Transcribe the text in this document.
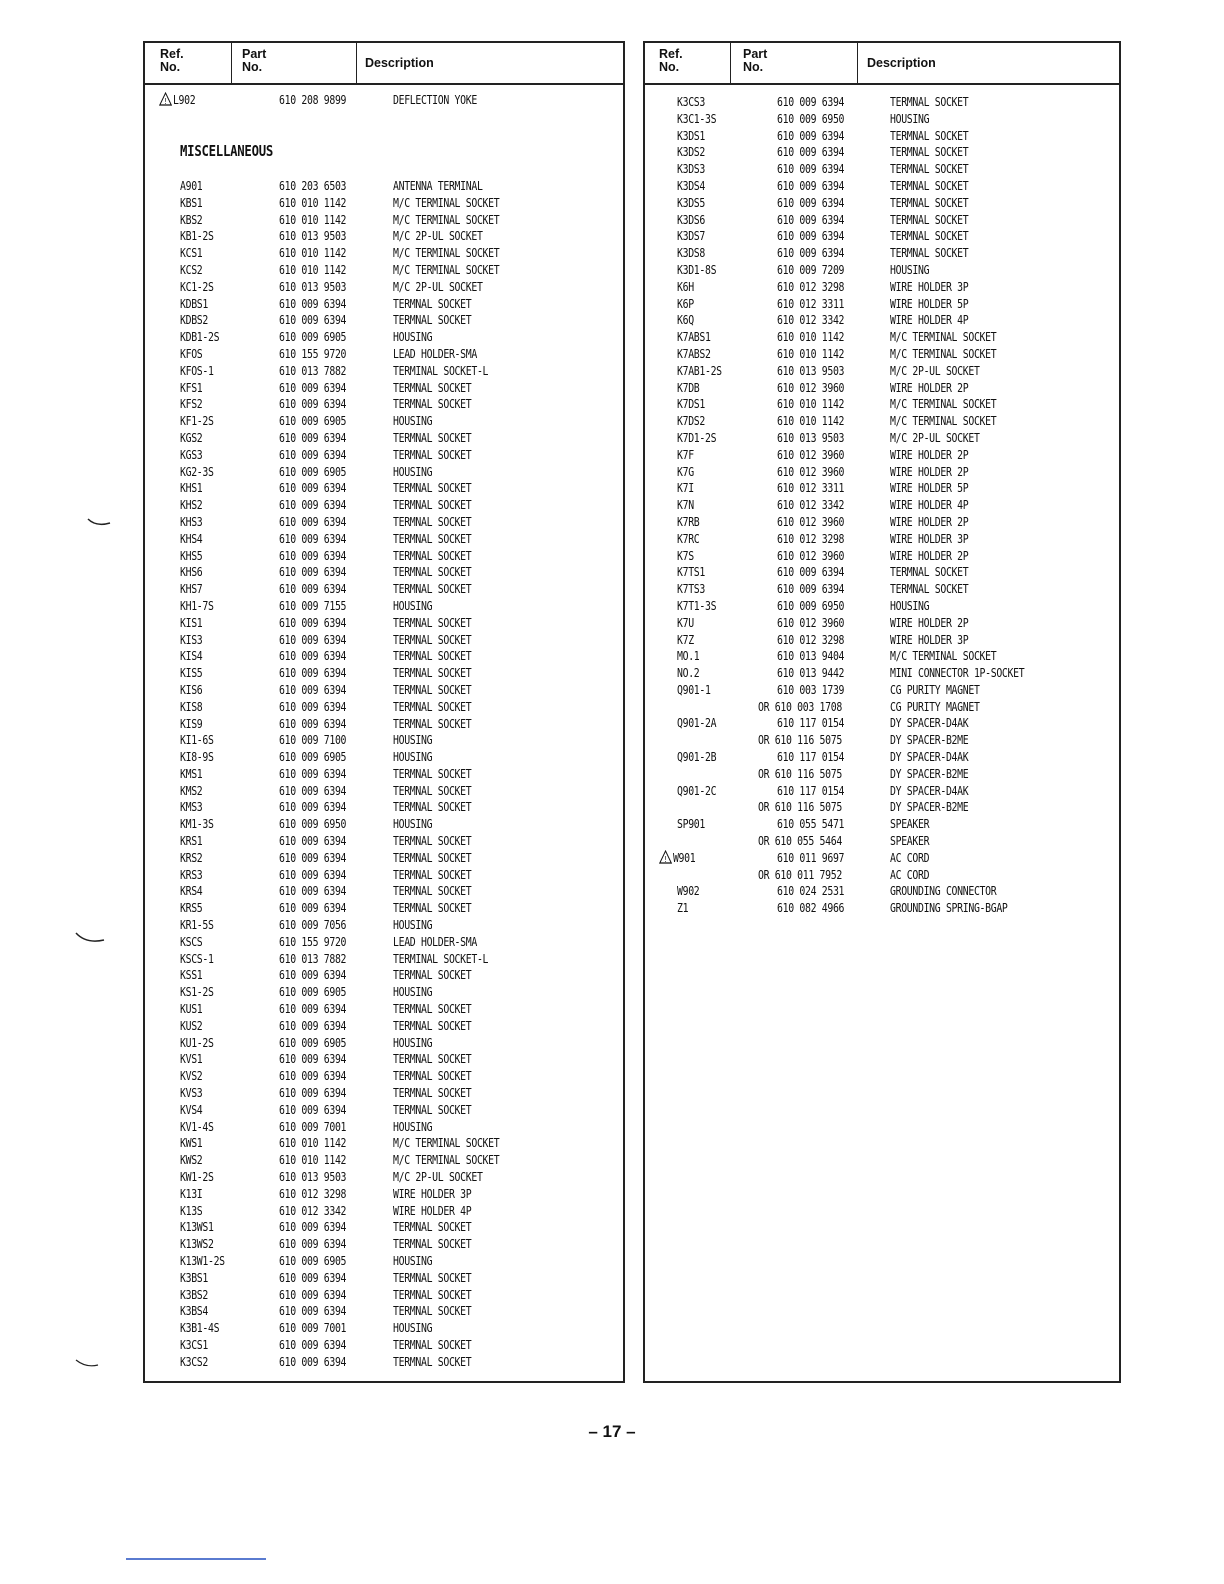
Ref.
No.
Part
No.	Description
! L902	610 208 9899	DEFLECTION YOKE
MISCELLANEOUS
A901	610 203 6503	ANTENNA TERMINAL
KBS1	610 010 1142	M/C TERMINAL SOCKET
KBS2	610 010 1142	M/C TERMINAL SOCKET
KB1-2S	610 013 9503	M/C 2P-UL SOCKET
KCS1	610 010 1142	M/C TERMINAL SOCKET
KCS2	610 010 1142	M/C TERMINAL SOCKET
KC1-2S	610 013 9503	M/C 2P-UL SOCKET
KDBS1	610 009 6394	TERMNAL SOCKET
KDBS2	610 009 6394	TERMNAL SOCKET
KDB1-2S	610 009 6905	HOUSING
KFOS	610 155 9720	LEAD HOLDER-SMA
KFOS-1	610 013 7882	TERMINAL SOCKET-L
KFS1	610 009 6394	TERMNAL SOCKET
KFS2	610 009 6394	TERMNAL SOCKET
KF1-2S	610 009 6905	HOUSING
KGS2	610 009 6394	TERMNAL SOCKET
KGS3	610 009 6394	TERMNAL SOCKET
KG2-3S	610 009 6905	HOUSING
KHS1	610 009 6394	TERMNAL SOCKET
KHS2	610 009 6394	TERMNAL SOCKET
KHS3	610 009 6394	TERMNAL SOCKET
KHS4	610 009 6394	TERMNAL SOCKET
KHS5	610 009 6394	TERMNAL SOCKET
KHS6	610 009 6394	TERMNAL SOCKET
KHS7	610 009 6394	TERMNAL SOCKET
KH1-7S	610 009 7155	HOUSING
KIS1	610 009 6394	TERMNAL SOCKET
KIS3	610 009 6394	TERMNAL SOCKET
KIS4	610 009 6394	TERMNAL SOCKET
KIS5	610 009 6394	TERMNAL SOCKET
KIS6	610 009 6394	TERMNAL SOCKET
KIS8	610 009 6394	TERMNAL SOCKET
KIS9	610 009 6394	TERMNAL SOCKET
KI1-6S	610 009 7100	HOUSING
KI8-9S	610 009 6905	HOUSING
KMS1	610 009 6394	TERMNAL SOCKET
KMS2	610 009 6394	TERMNAL SOCKET
KMS3	610 009 6394	TERMNAL SOCKET
KM1-3S	610 009 6950	HOUSING
KRS1	610 009 6394	TERMNAL SOCKET
KRS2	610 009 6394	TERMNAL SOCKET
KRS3	610 009 6394	TERMNAL SOCKET
KRS4	610 009 6394	TERMNAL SOCKET
KRS5	610 009 6394	TERMNAL SOCKET
KR1-5S	610 009 7056	HOUSING
KSCS	610 155 9720	LEAD HOLDER-SMA
KSCS-1	610 013 7882	TERMINAL SOCKET-L
KSS1	610 009 6394	TERMNAL SOCKET
KS1-2S	610 009 6905	HOUSING
KUS1	610 009 6394	TERMNAL SOCKET
KUS2	610 009 6394	TERMNAL SOCKET
KU1-2S	610 009 6905	HOUSING
KVS1	610 009 6394	TERMNAL SOCKET
KVS2	610 009 6394	TERMNAL SOCKET
KVS3	610 009 6394	TERMNAL SOCKET
KVS4	610 009 6394	TERMNAL SOCKET
KV1-4S	610 009 7001	HOUSING
KWS1	610 010 1142	M/C TERMINAL SOCKET
KWS2	610 010 1142	M/C TERMINAL SOCKET
KW1-2S	610 013 9503	M/C 2P-UL SOCKET
K13I	610 012 3298	WIRE HOLDER 3P
K13S	610 012 3342	WIRE HOLDER 4P
K13WS1	610 009 6394	TERMNAL SOCKET
K13WS2	610 009 6394	TERMNAL SOCKET
K13W1-2S	610 009 6905	HOUSING
K3BS1	610 009 6394	TERMNAL SOCKET
K3BS2	610 009 6394	TERMNAL SOCKET
K3BS4	610 009 6394	TERMNAL SOCKET
K3B1-4S	610 009 7001	HOUSING
K3CS1	610 009 6394	TERMNAL SOCKET
K3CS2	610 009 6394	TERMNAL SOCKET
Ref.
No.
Part
No.	Description
K3CS3	610 009 6394	TERMNAL SOCKET
K3C1-3S	610 009 6950	HOUSING
K3DS1	610 009 6394	TERMNAL SOCKET
K3DS2	610 009 6394	TERMNAL SOCKET
K3DS3	610 009 6394	TERMNAL SOCKET
K3DS4	610 009 6394	TERMNAL SOCKET
K3DS5	610 009 6394	TERMNAL SOCKET
K3DS6	610 009 6394	TERMNAL SOCKET
K3DS7	610 009 6394	TERMNAL SOCKET
K3DS8	610 009 6394	TERMNAL SOCKET
K3D1-8S	610 009 7209	HOUSING
K6H	610 012 3298	WIRE HOLDER 3P
K6P	610 012 3311	WIRE HOLDER 5P
K6Q	610 012 3342	WIRE HOLDER 4P
K7ABS1	610 010 1142	M/C TERMINAL SOCKET
K7ABS2	610 010 1142	M/C TERMINAL SOCKET
K7AB1-2S	610 013 9503	M/C 2P-UL SOCKET
K7DB	610 012 3960	WIRE HOLDER 2P
K7DS1	610 010 1142	M/C TERMINAL SOCKET
K7DS2	610 010 1142	M/C TERMINAL SOCKET
K7D1-2S	610 013 9503	M/C 2P-UL SOCKET
K7F	610 012 3960	WIRE HOLDER 2P
K7G	610 012 3960	WIRE HOLDER 2P
K7I	610 012 3311	WIRE HOLDER 5P
K7N	610 012 3342	WIRE HOLDER 4P
K7RB	610 012 3960	WIRE HOLDER 2P
K7RC	610 012 3298	WIRE HOLDER 3P
K7S	610 012 3960	WIRE HOLDER 2P
K7TS1	610 009 6394	TERMNAL SOCKET
K7TS3	610 009 6394	TERMNAL SOCKET
K7T1-3S	610 009 6950	HOUSING
K7U	610 012 3960	WIRE HOLDER 2P
K7Z	610 012 3298	WIRE HOLDER 3P
MO.1	610 013 9404	M/C TERMINAL SOCKET
NO.2	610 013 9442	MINI CONNECTOR 1P-SOCKET
Q901-1	610 003 1739	CG PURITY MAGNET
OR 610 003 1708	CG PURITY MAGNET
Q901-2A	610 117 0154	DY SPACER-D4AK
OR 610 116 5075	DY SPACER-B2ME
Q901-2B	610 117 0154	DY SPACER-D4AK
OR 610 116 5075	DY SPACER-B2ME
Q901-2C	610 117 0154	DY SPACER-D4AK
OR 610 116 5075	DY SPACER-B2ME
SP901	610 055 5471	SPEAKER
OR 610 055 5464	SPEAKER
! W901	610 011 9697	AC CORD
OR 610 011 7952	AC CORD
W902	610 024 2531	GROUNDING CONNECTOR
Z1	610 082 4966	GROUNDING SPRING-BGAP
– 17 –
